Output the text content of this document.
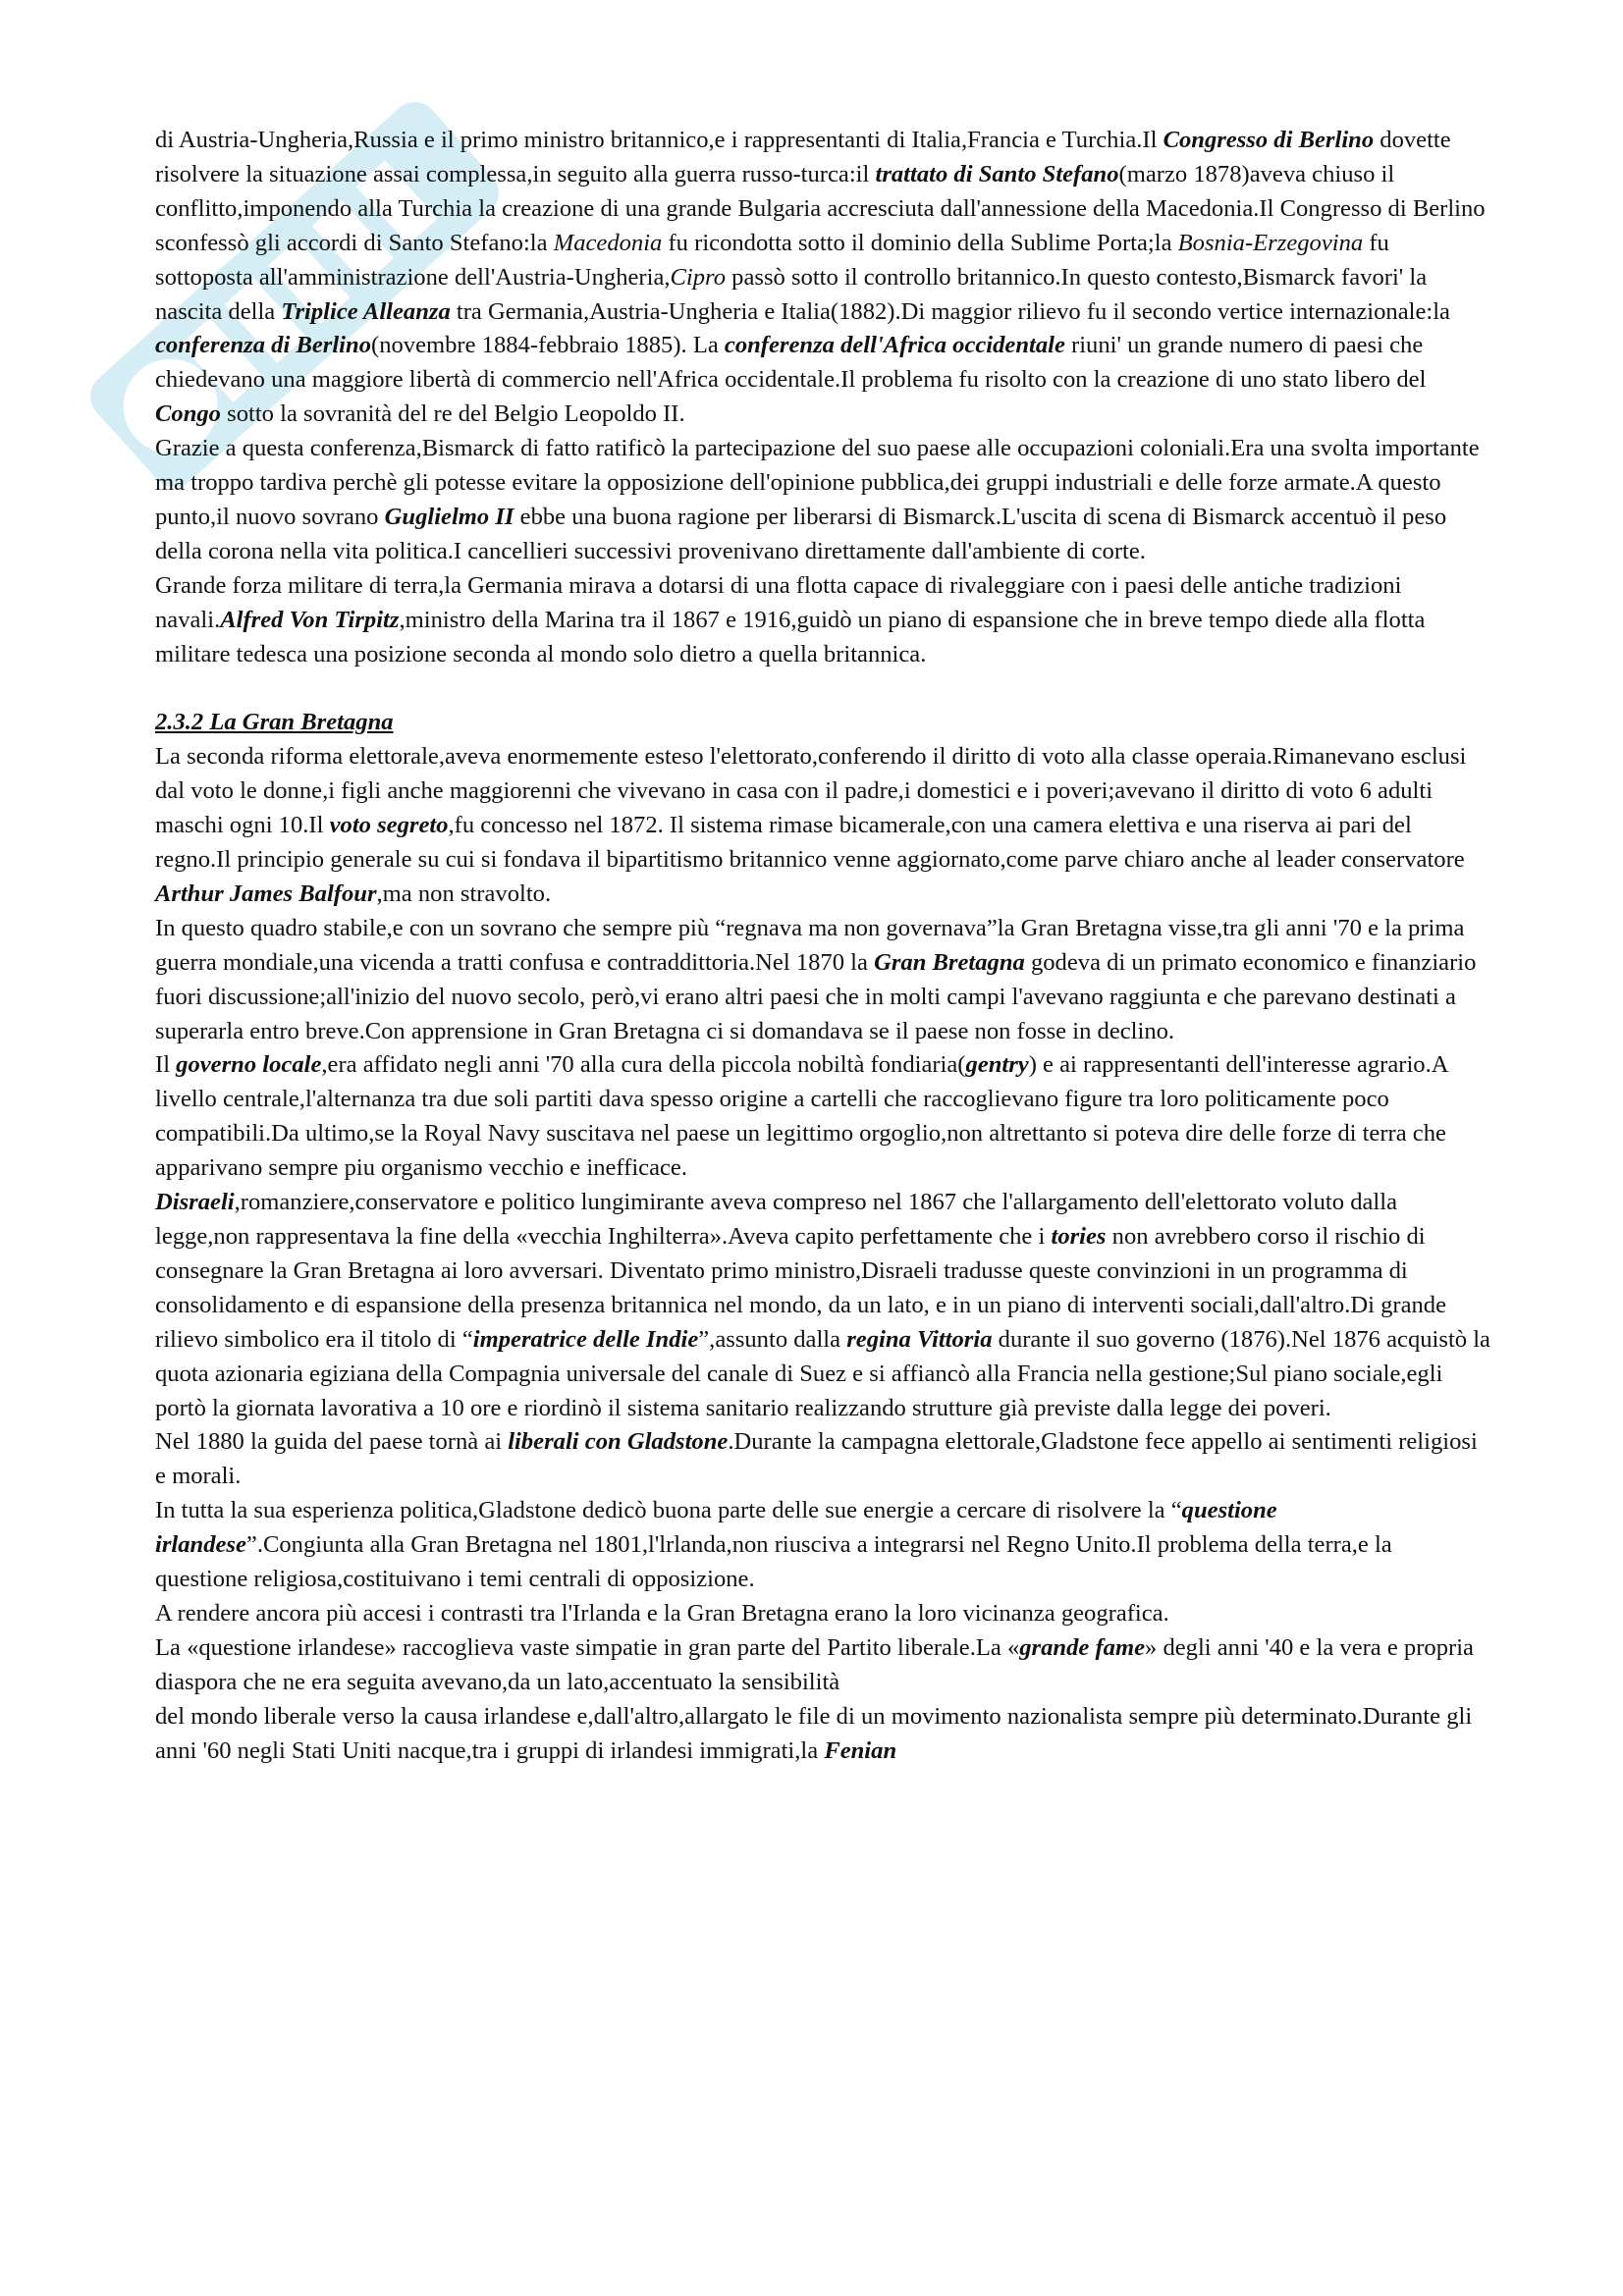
di Austria-Ungheria,Russia e il primo ministro britannico,e i rappresentanti di Italia,Francia e Turchia.Il Congresso di Berlino dovette risolvere la situazione assai complessa,in seguito alla guerra russo-turca:il trattato di Santo Stefano(marzo 1878)aveva chiuso il conflitto,imponendo alla Turchia la creazione di una grande Bulgaria accresciuta dall'annessione della Macedonia.Il Congresso di Berlino sconfessò gli accordi di Santo Stefano:la Macedonia fu ricondotta sotto il dominio della Sublime Porta;la Bosnia-Erzegovina fu sottoposta all'amministrazione dell'Austria-Ungheria,Cipro passò sotto il controllo britannico.In questo contesto,Bismarck favori' la nascita della Triplice Alleanza tra Germania,Austria-Ungheria e Italia(1882).Di maggior rilievo fu il secondo vertice internazionale:la conferenza di Berlino(novembre 1884-febbraio 1885). La conferenza dell'Africa occidentale riuni' un grande numero di paesi che chiedevano una maggiore libertà di commercio nell'Africa occidentale.Il problema fu risolto con la creazione di uno stato libero del Congo sotto la sovranità del re del Belgio Leopoldo II.

Grazie a questa conferenza,Bismarck di fatto ratificò la partecipazione del suo paese alle occupazioni coloniali.Era una svolta importante ma troppo tardiva perchè gli potesse evitare la opposizione dell'opinione pubblica,dei gruppi industriali e delle forze armate.A questo punto,il nuovo sovrano Guglielmo II ebbe una buona ragione per liberarsi di Bismarck.L'uscita di scena di Bismarck accentuò il peso della corona nella vita politica.I cancellieri successivi provenivano direttamente dall'ambiente di corte.

Grande forza militare di terra,la Germania mirava a dotarsi di una flotta capace di rivaleggiare con i paesi delle antiche tradizioni navali.Alfred Von Tirpitz,ministro della Marina tra il 1867 e 1916,guidò un piano di espansione che in breve tempo diede alla flotta militare tedesca una posizione seconda al mondo solo dietro a quella britannica.

2.3.2 La Gran Bretagna

La seconda riforma elettorale,aveva enormemente esteso l'elettorato,conferendo il diritto di voto alla classe operaia.Rimanevano esclusi dal voto le donne,i figli anche maggiorenni che vivevano in casa con il padre,i domestici e i poveri;avevano il diritto di voto 6 adulti maschi ogni 10.Il voto segreto,fu concesso nel 1872. Il sistema rimase bicamerale,con una camera elettiva e una riserva ai pari del regno.Il principio generale su cui si fondava il bipartitismo britannico venne aggiornato,come parve chiaro anche al leader conservatore Arthur James Balfour,ma non stravolto.

In questo quadro stabile,e con un sovrano che sempre più “regnava ma non governava”la Gran Bretagna visse,tra gli anni '70 e la prima guerra mondiale,una vicenda a tratti confusa e contraddittoria.Nel 1870 la Gran Bretagna godeva di un primato economico e finanziario fuori discussione;all'inizio del nuovo secolo, però,vi erano altri paesi che in molti campi l'avevano raggiunta e che parevano destinati a superarla entro breve.Con apprensione in Gran Bretagna ci si domandava se il paese non fosse in declino.

Il governo locale,era affidato negli anni '70 alla cura della piccola nobiltà fondiaria(gentry) e ai rappresentanti dell'interesse agrario.A livello centrale,l'alternanza tra due soli partiti dava spesso origine a cartelli che raccoglievano figure tra loro politicamente poco compatibili.Da ultimo,se la Royal Navy suscitava nel paese un legittimo orgoglio,non altrettanto si poteva dire delle forze di terra che apparivano sempre piu organismo vecchio e inefficace.

Disraeli,romanziere,conservatore e politico lungimirante aveva compreso nel 1867 che l'allargamento dell'elettorato voluto dalla legge,non rappresentava la fine della «vecchia Inghilterra».Aveva capito perfettamente che i tories non avrebbero corso il rischio di consegnare la Gran Bretagna ai loro avversari. Diventato primo ministro,Disraeli tradusse queste convinzioni in un programma di consolidamento e di espansione della presenza britannica nel mondo, da un lato, e in un piano di interventi sociali,dall'altro.Di grande rilievo simbolico era il titolo di “imperatrice delle Indie”,assunto dalla regina Vittoria durante il suo governo (1876).Nel 1876 acquistò la quota azionaria egiziana della Compagnia universale del canale di Suez e si affiancò alla Francia nella gestione;Sul piano sociale,egli portò la giornata lavorativa a 10 ore e riordinò il sistema sanitario realizzando strutture già previste dalla legge dei poveri.

Nel 1880 la guida del paese tornà ai liberali con Gladstone.Durante la campagna elettorale,Gladstone fece appello ai sentimenti religiosi e morali.

In tutta la sua esperienza politica,Gladstone dedicò buona parte delle sue energie a cercare di risolvere la “questione irlandese”.Congiunta alla Gran Bretagna nel 1801,l'lrlanda,non riusciva a integrarsi nel Regno Unito.Il problema della terra,e la questione religiosa,costituivano i temi centrali di opposizione.

A rendere ancora più accesi i contrasti tra l'Irlanda e la Gran Bretagna erano la loro vicinanza geografica.

La «questione irlandese» raccoglieva vaste simpatie in gran parte del Partito liberale.La «grande fame» degli anni '40 e la vera e propria diaspora che ne era seguita avevano,da un lato,accentuato la sensibilità

del mondo liberale verso la causa irlandese e,dall'altro,allargato le file di un movimento nazionalista sempre più determinato.Durante gli anni '60 negli Stati Uniti nacque,tra i gruppi di irlandesi immigrati,la Fenian
